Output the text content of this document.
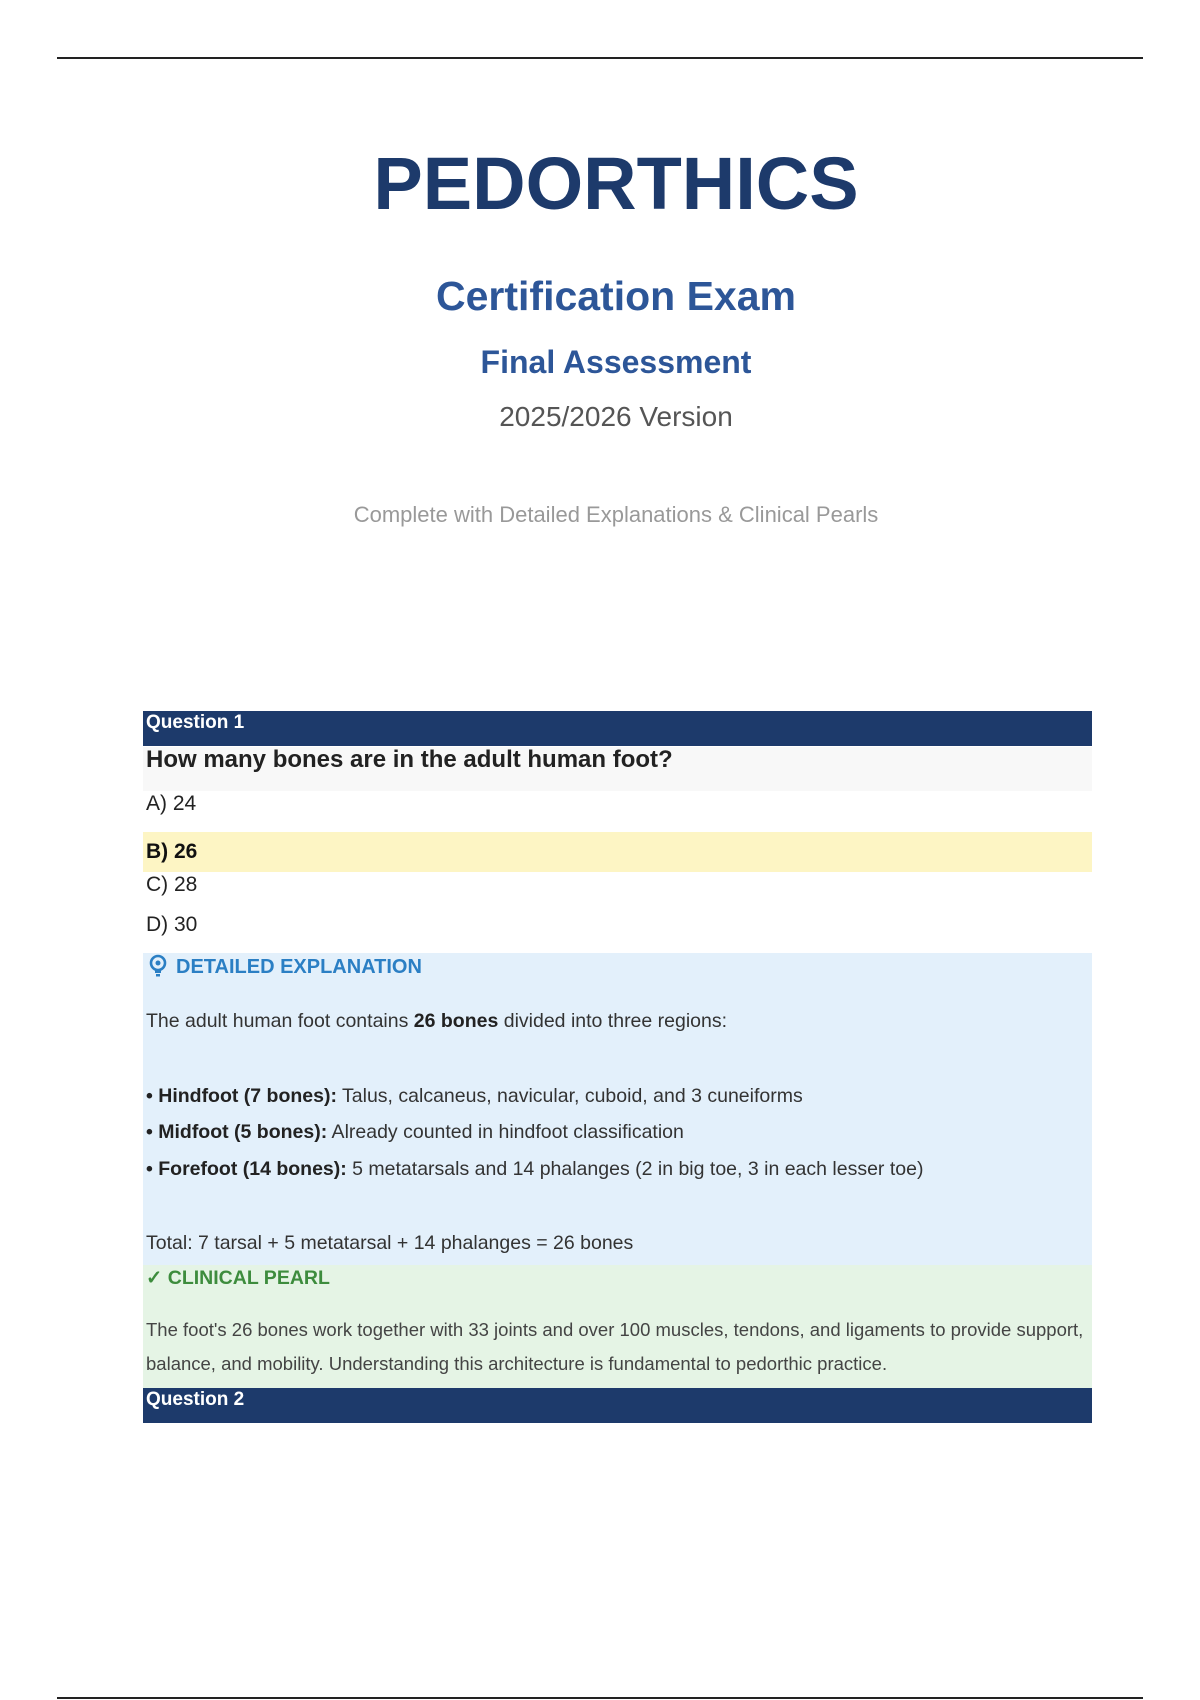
PEDORTHICS
Certification Exam
Final Assessment
2025/2026 Version
Complete with Detailed Explanations & Clinical Pearls
Question 1
How many bones are in the adult human foot?
A) 24
B) 26
C) 28
D) 30
DETAILED EXPLANATION
The adult human foot contains 26 bones divided into three regions:
• Hindfoot (7 bones): Talus, calcaneus, navicular, cuboid, and 3 cuneiforms
• Midfoot (5 bones): Already counted in hindfoot classification
• Forefoot (14 bones): 5 metatarsals and 14 phalanges (2 in big toe, 3 in each lesser toe)
Total: 7 tarsal + 5 metatarsal + 14 phalanges = 26 bones
✓ CLINICAL PEARL
The foot's 26 bones work together with 33 joints and over 100 muscles, tendons, and ligaments to provide support, balance, and mobility. Understanding this architecture is fundamental to pedorthic practice.
Question 2
